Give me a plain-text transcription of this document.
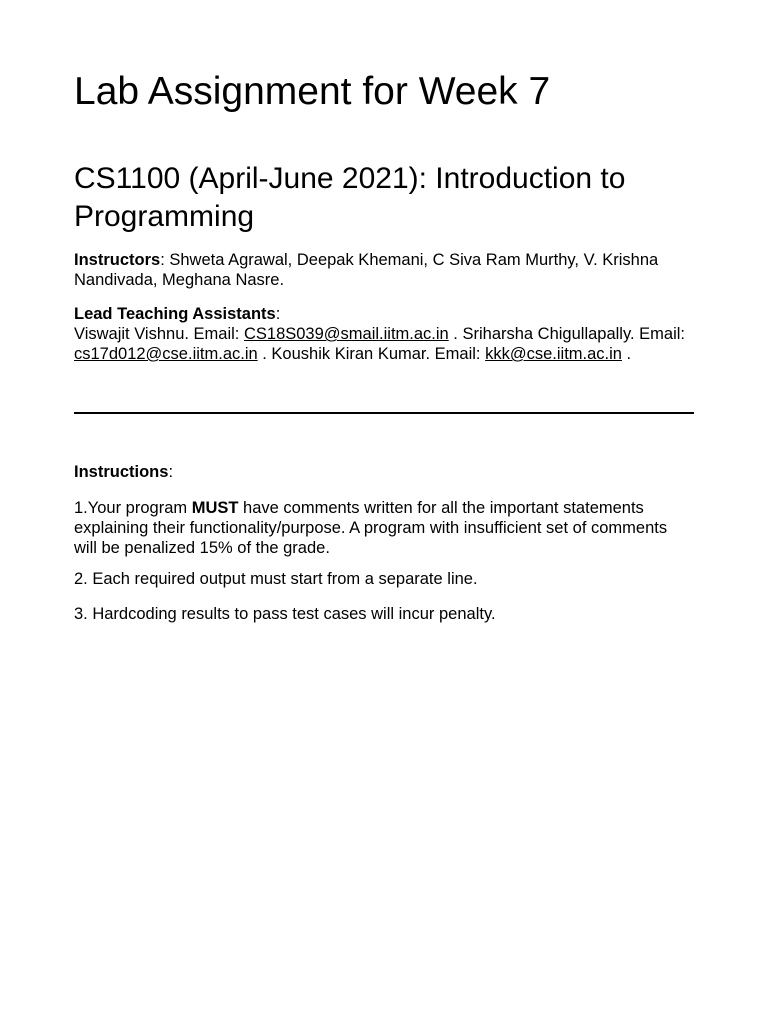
Lab Assignment for Week 7
CS1100 (April-June 2021): Introduction to Programming

Instructors: Shweta Agrawal, Deepak Khemani, C Siva Ram Murthy, V. Krishna Nandivada, Meghana Nasre.

Lead Teaching Assistants:

Viswajit Vishnu. Email: CS18S039@smail.iitm.ac.in . Sriharsha Chigullapally. Email: cs17d012@cse.iitm.ac.in . Koushik Kiran Kumar. Email: kkk@cse.iitm.ac.in .

Instructions:

1.Your program MUST have comments written for all the important statements explaining their functionality/purpose. A program with insufficient set of comments will be penalized 15% of the grade.

2. Each required output must start from a separate line.

3. Hardcoding results to pass test cases will incur penalty.
